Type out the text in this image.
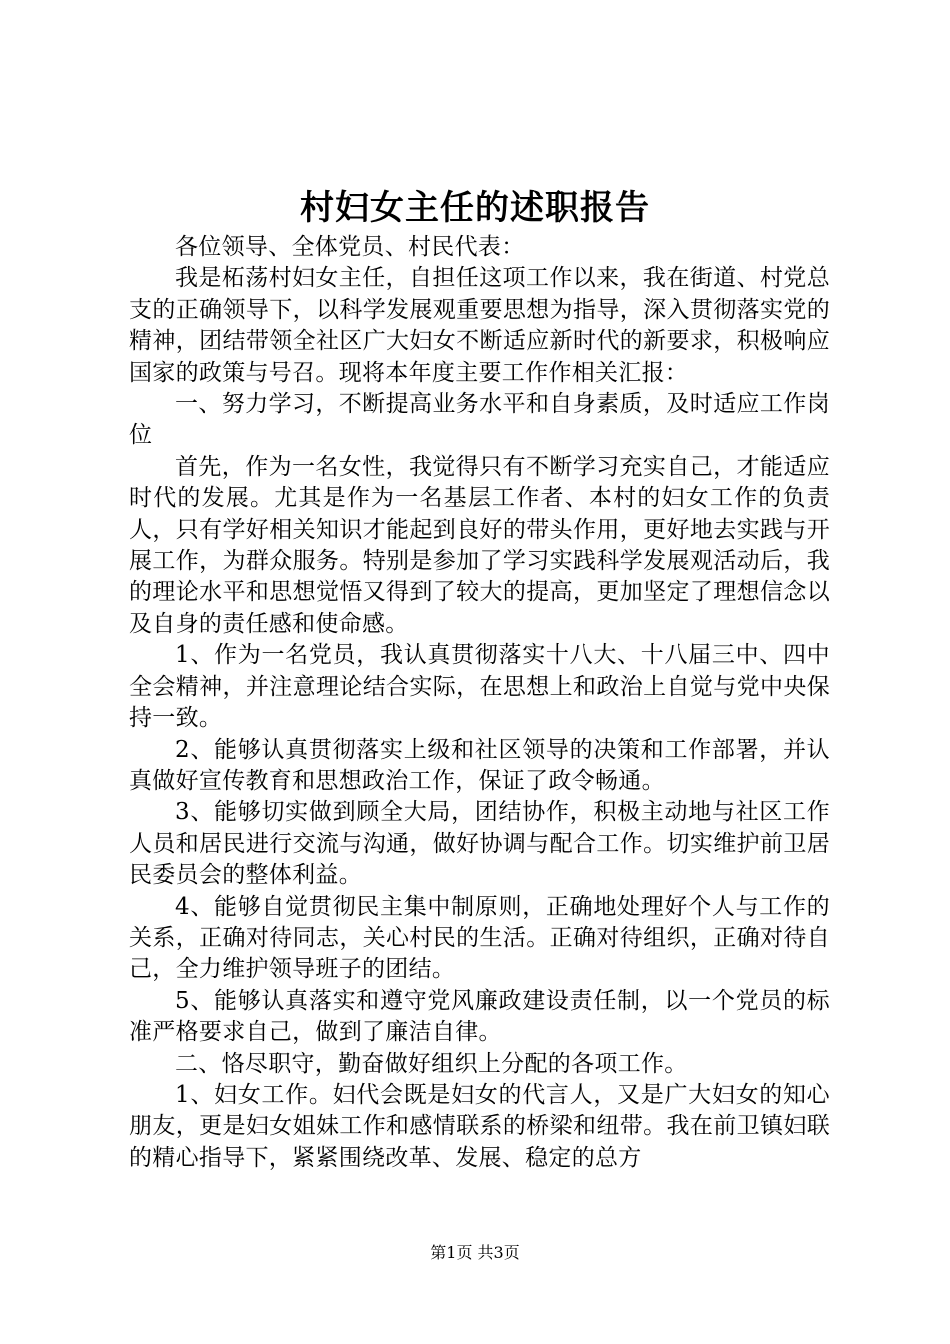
村妇女主任的述职报告

各位领导、全体党员、村民代表：

我是柘荡村妇女主任，自担任这项工作以来，我在街道、村党总支的正确领导下，以科学发展观重要思想为指导，深入贯彻落实党的精神，团结带领全社区广大妇女不断适应新时代的新要求，积极响应国家的政策与号召。现将本年度主要工作作相关汇报：

一、努力学习，不断提高业务水平和自身素质，及时适应工作岗位

首先，作为一名女性，我觉得只有不断学习充实自己，才能适应时代的发展。尤其是作为一名基层工作者、本村的妇女工作的负责人，只有学好相关知识才能起到良好的带头作用，更好地去实践与开展工作，为群众服务。特别是参加了学习实践科学发展观活动后，我的理论水平和思想觉悟又得到了较大的提高，更加坚定了理想信念以及自身的责任感和使命感。

1、作为一名党员，我认真贯彻落实十八大、十八届三中、四中全会精神，并注意理论结合实际，在思想上和政治上自觉与党中央保持一致。

2、能够认真贯彻落实上级和社区领导的决策和工作部署，并认真做好宣传教育和思想政治工作，保证了政令畅通。

3、能够切实做到顾全大局，团结协作，积极主动地与社区工作人员和居民进行交流与沟通，做好协调与配合工作。切实维护前卫居民委员会的整体利益。

4、能够自觉贯彻民主集中制原则，正确地处理好个人与工作的关系，正确对待同志，关心村民的生活。正确对待组织，正确对待自己，全力维护领导班子的团结。

5、能够认真落实和遵守党风廉政建设责任制，以一个党员的标准严格要求自己，做到了廉洁自律。

二、恪尽职守，勤奋做好组织上分配的各项工作。

1、妇女工作。妇代会既是妇女的代言人，又是广大妇女的知心朋友，更是妇女姐妹工作和感情联系的桥梁和纽带。我在前卫镇妇联的精心指导下，紧紧围绕改革、发展、稳定的总方

第1页 共3页
